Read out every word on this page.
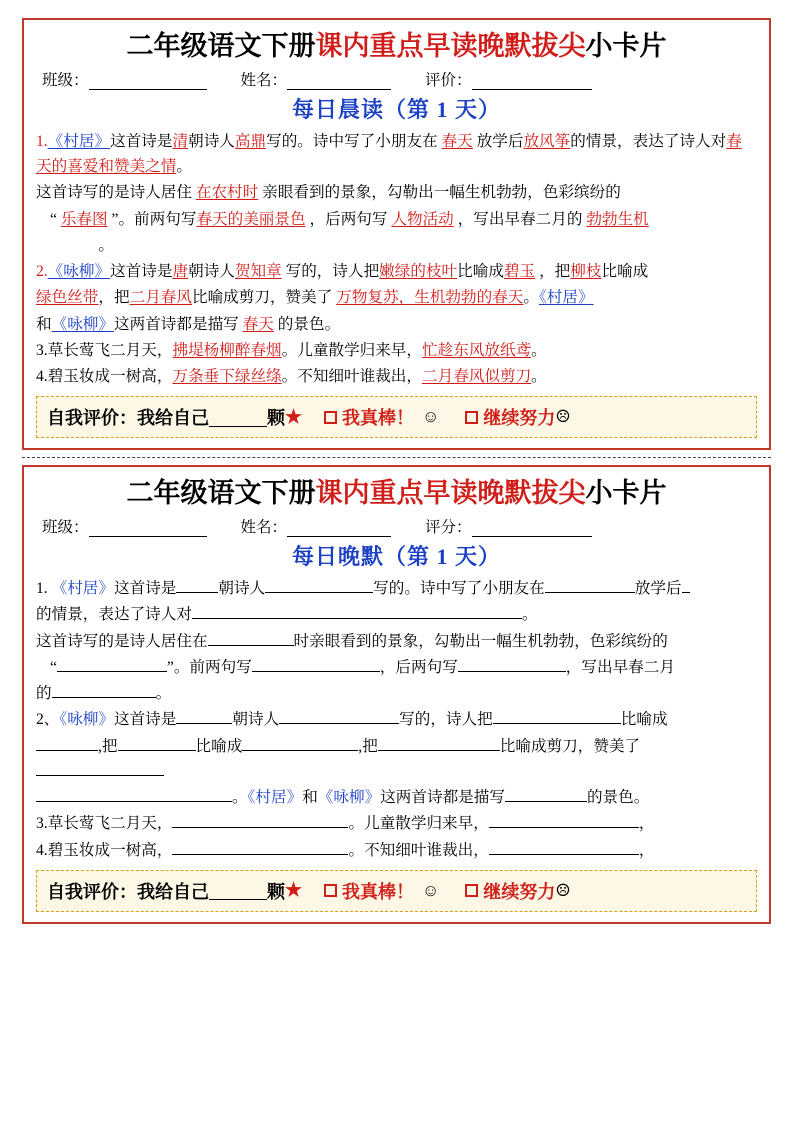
二年级语文下册课内重点早读晚默拔尖小卡片
班级：	姓名：	评价：
每日晨读（第 1 天）
1.《村居》这首诗是清朝诗人高鼎写的。诗中写了小朋友在 春天 放学后放风筝的情景，表达了诗人对春天的喜爱和赞美之情。
这首诗写的是诗人居住 在农村时 亲眼看到的景象，勾勒出一幅生机勃勃，色彩缤纷的
“ 乐春图 ”。前两句写春天的美丽景色 ，后两句写 人物活动 ，写出早春二月的 勃勃生机
。
2.《咏柳》这首诗是唐朝诗人贺知章 写的，诗人把嫩绿的枝叶比喻成碧玉 ，把柳枝比喻成
绿色丝带，把二月春风比喻成剪刀，赞美了 万物复苏，生机勃勃的春天。《村居》
和《咏柳》这两首诗都是描写 春天 的景色。
3.草长莺飞二月天，拂堤杨柳醉春烟。儿童散学归来早，忙趁东风放纸鸢。
4.碧玉妆成一树高，万条垂下绿丝绦。不知细叶谁裁出，二月春风似剪刀。
自我评价：我给自己	颗 ★ 我真棒！ ☺ 继续努力 ☹
二年级语文下册课内重点早读晚默拔尖小卡片
班级：	姓名：	评分：
每日晚默（第 1 天）
1. 《村居》这首诗是	朝诗人	写的。诗中写了小朋友在	放学后
的情景，表达了诗人对	。
这首诗写的是诗人居住在	时亲眼看到的景象，勾勒出一幅生机勃勃，色彩缤纷的
“	”。前两句写	，后两句写	，写出早春二月
的	。
2、《咏柳》这首诗是	朝诗人	写的，诗人把	比喻成
,把	比喻成	,把	比喻成剪刀，赞美了
。《村居》和《咏柳》这两首诗都是描写	的景色。
3.草长莺飞二月天，	。儿童散学归来早，	，
4.碧玉妆成一树高，	。不知细叶谁裁出，	，
自我评价：我给自己	颗 ★ 我真棒！ ☺ 继续努力 ☹
